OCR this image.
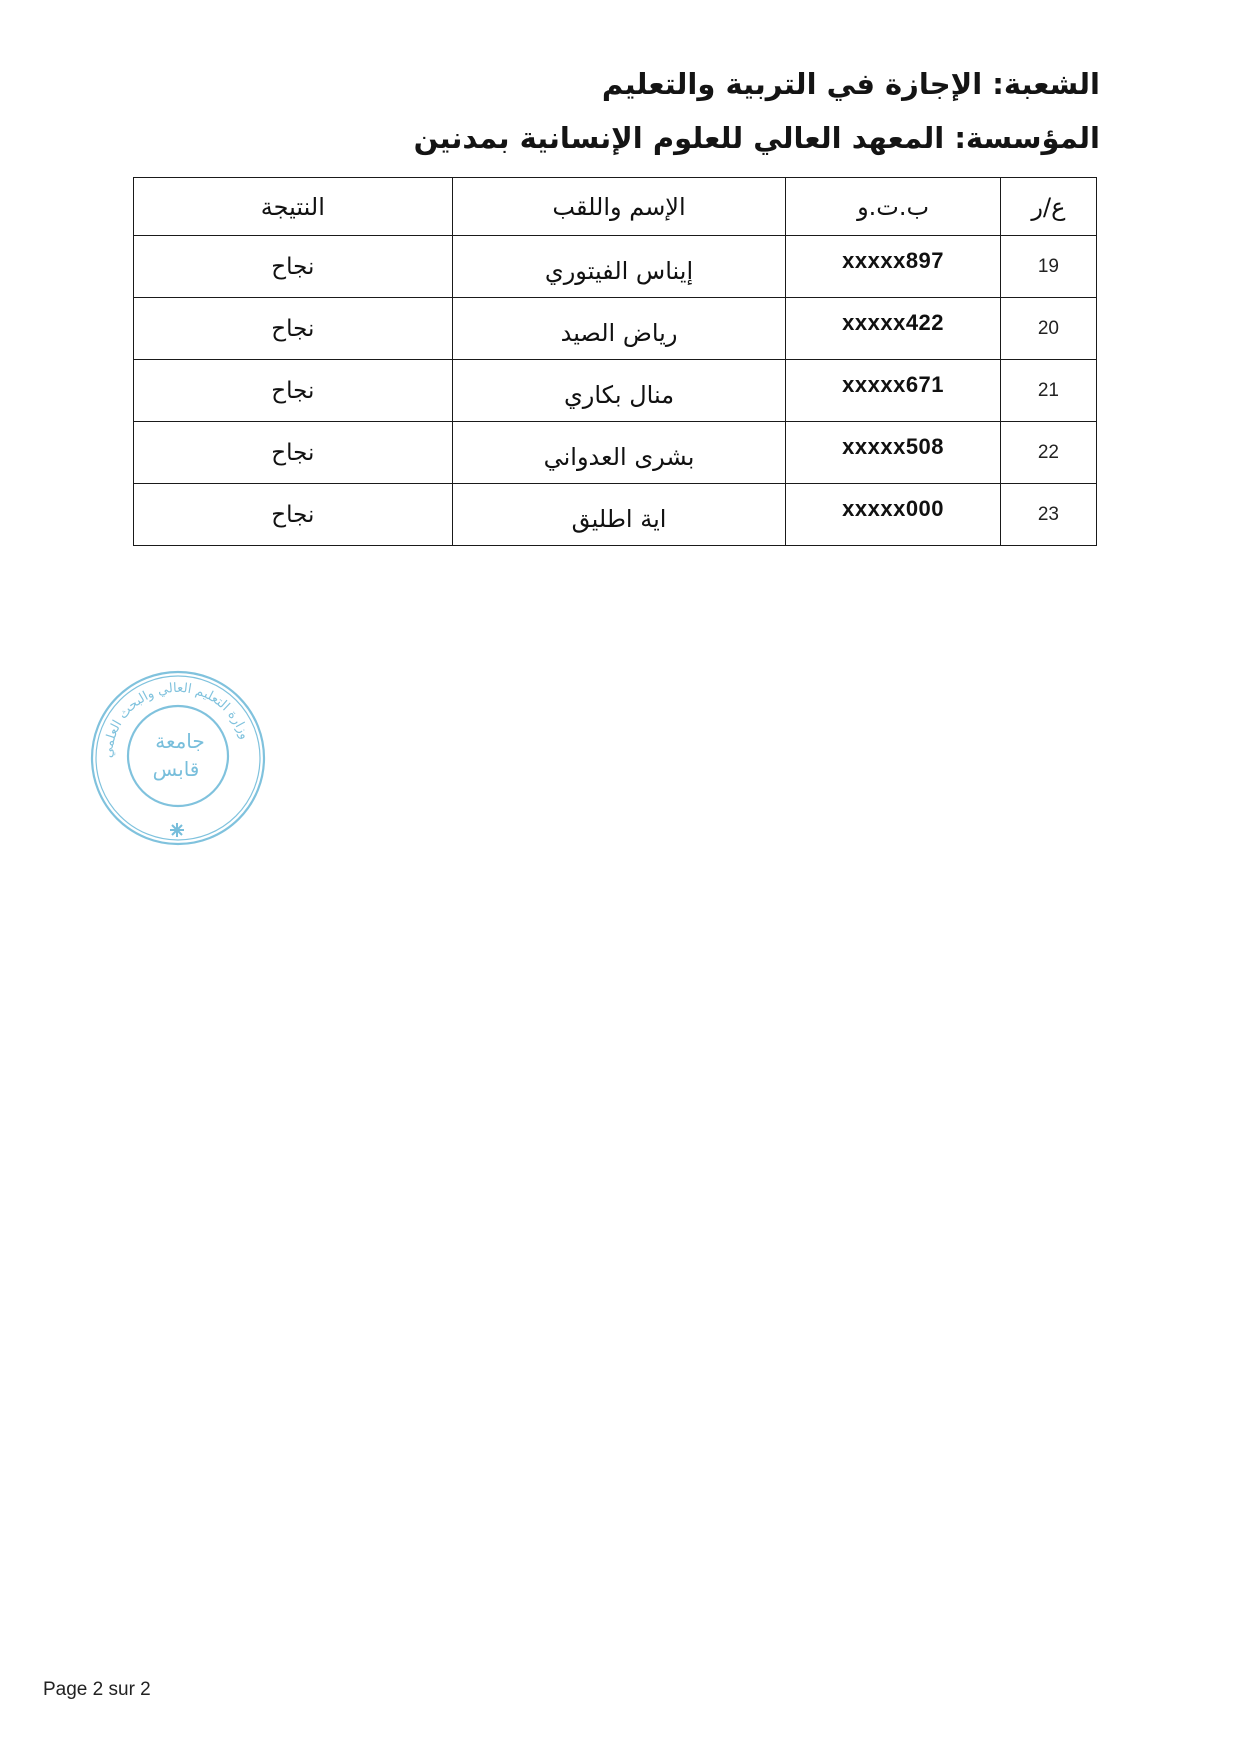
الشعبة: الإجازة في التربية والتعليم
المؤسسة: المعهد العالي للعلوم الإنسانية بمدنين
ع/ر	ب.ت.و	الإسم واللقب	النتيجة
19	xxxxx897	إيناس الفيتوري	نجاح
20	xxxxx422	رياض الصيد	نجاح
21	xxxxx671	منال بكاري	نجاح
22	xxxxx508	بشرى العدواني	نجاح
23	xxxxx000	اية اطليق	نجاح
وزارة التعليم العالي والبحث العلمي
جامعة
قابس
Page 2 sur 2
